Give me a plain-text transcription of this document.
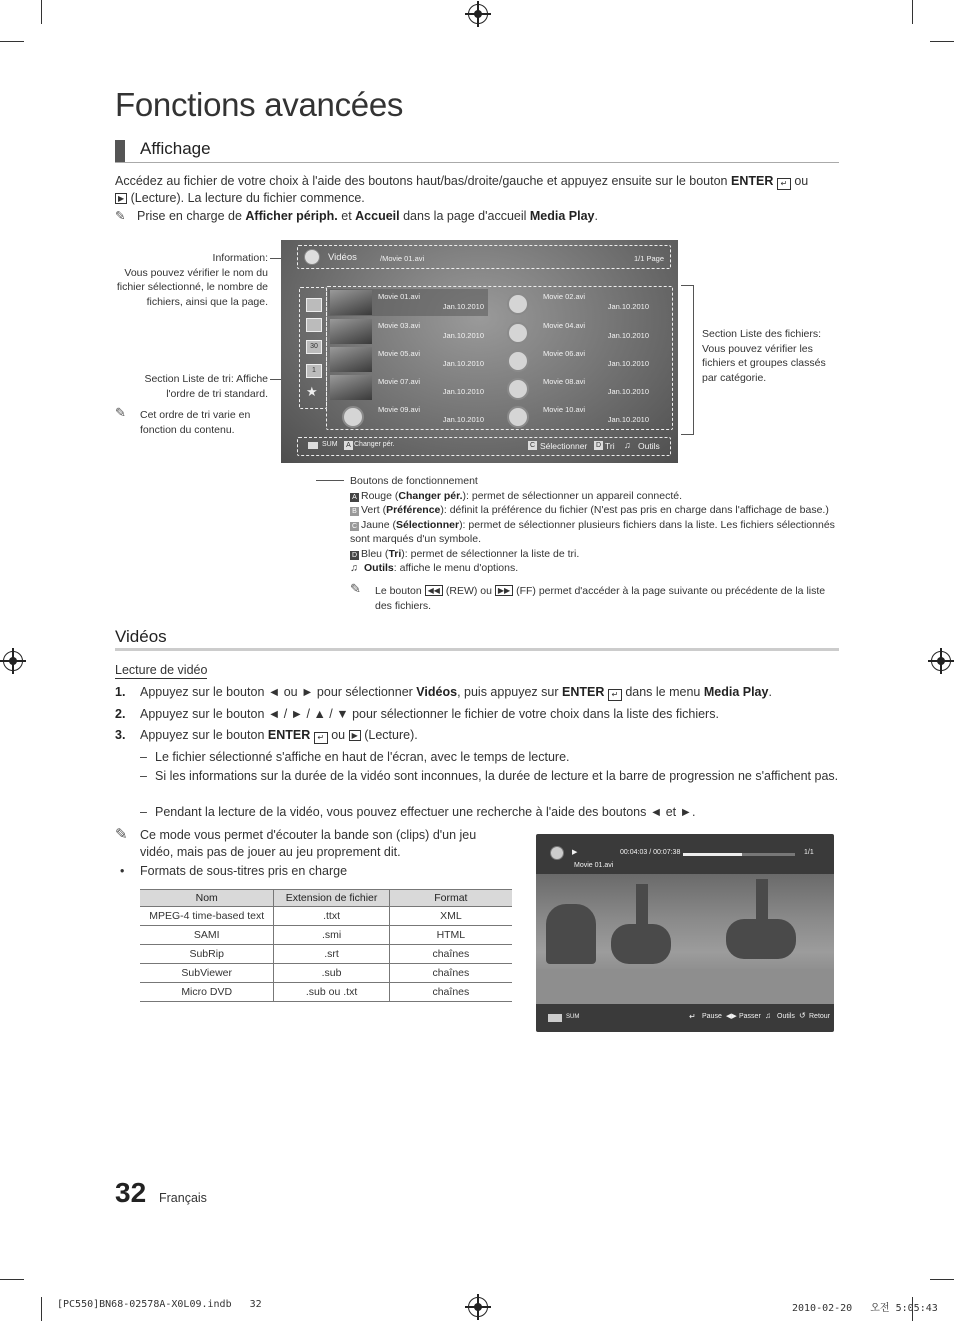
Fonctions avancées
Affichage
Accédez au fichier de votre choix à l'aide des boutons haut/bas/droite/gauche et appuyez ensuite sur le bouton ENTER ↵ ou
▶ (Lecture). La lecture du fichier commence.
✎ Prise en charge de Afficher périph. et Accueil dans la page d'accueil Media Play.
Information:
Vous pouvez vérifier le nom du fichier sélectionné, le nombre de fichiers, ainsi que la page.
Section Liste de tri: Affiche l'ordre de tri standard.
✎ Cet ordre de tri varie en fonction du contenu.
Section Liste des fichiers: Vous pouvez vérifier les fichiers et groupes classés par catégorie.
Vidéos	/Movie 01.avi	1/1 Page
30
1
★
Movie 01.avi
Jan.10.2010
Movie 02.avi
Jan.10.2010
Movie 03.avi
Jan.10.2010
Movie 04.avi
Jan.10.2010
Movie 05.avi
Jan.10.2010
Movie 06.avi
Jan.10.2010
Movie 07.avi
Jan.10.2010
Movie 08.avi
Jan.10.2010
Movie 09.avi
Jan.10.2010
Movie 10.avi
Jan.10.2010
SUM	A Changer pér.	C Sélectionner D Tri ♫ Outils
Boutons de fonctionnement
A Rouge (Changer pér.): permet de sélectionner un appareil connecté.
B Vert (Préférence): définit la préférence du fichier (N'est pas pris en charge dans l'affichage de base.)
C Jaune (Sélectionner): permet de sélectionner plusieurs fichiers dans la liste. Les fichiers sélectionnés sont marqués d'un symbole.
D Bleu (Tri): permet de sélectionner la liste de tri.
♫ Outils: affiche le menu d'options.
✎ Le bouton ◀◀ (REW) ou ▶▶ (FF) permet d'accéder à la page suivante ou précédente de la liste des fichiers.
Vidéos
Lecture de vidéo
1. Appuyez sur le bouton ◄ ou ► pour sélectionner Vidéos, puis appuyez sur ENTER ↵ dans le menu Media Play.
2. Appuyez sur le bouton ◄ / ► / ▲ / ▼ pour sélectionner le fichier de votre choix dans la liste des fichiers.
3. Appuyez sur le bouton ENTER ↵ ou ▶ (Lecture).
– Le fichier sélectionné s'affiche en haut de l'écran, avec le temps de lecture.
– Si les informations sur la durée de la vidéo sont inconnues, la durée de lecture et la barre de progression ne s'affichent pas.
– Pendant la lecture de la vidéo, vous pouvez effectuer une recherche à l'aide des boutons ◄ et ►.
✎ Ce mode vous permet d'écouter la bande son (clips) d'un jeu vidéo, mais pas de jouer au jeu proprement dit.
• Formats de sous-titres pris en charge
Nom	Extension de fichier	Format
MPEG-4 time-based text	.ttxt	XML
SAMI	.smi	HTML
SubRip	.srt	chaînes
SubViewer	.sub	chaînes
Micro DVD	.sub ou .txt	chaînes
▶	00:04:03 / 00:07:38	1/1
Movie 01.avi
SUM	↵ Pause ◀▶ Passer ♫ Outils ↺ Retour
32 Français
[PC550]BN68-02578A-X0L09.indb   32	2010-02-20   오전 5:05:43
